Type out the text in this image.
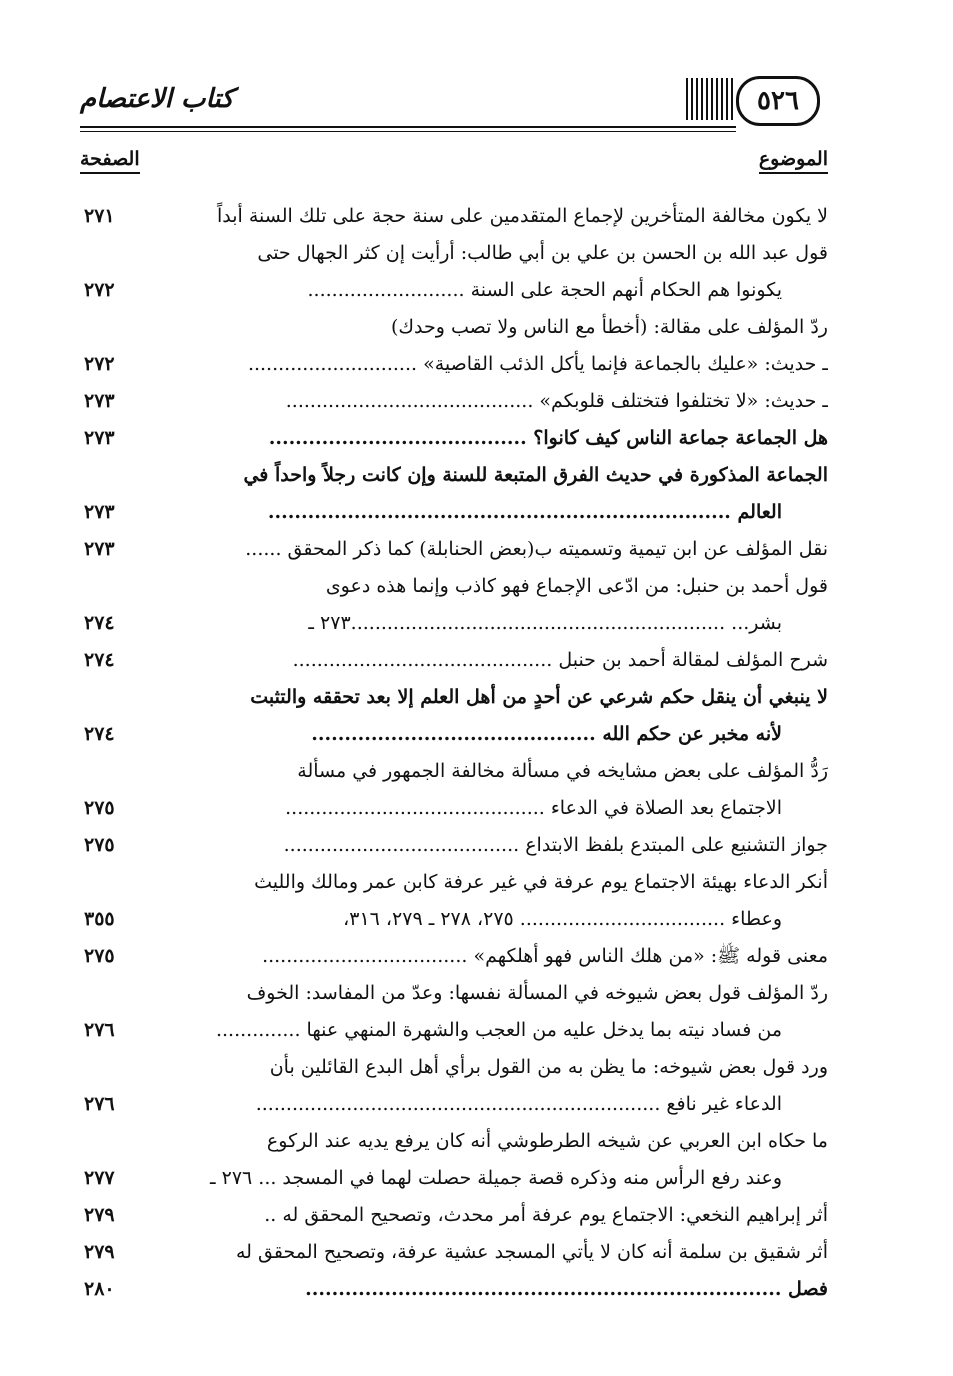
كتاب الاعتصام	٥٢٦
الصفحة	الموضوع
لا يكون مخالفة المتأخرين لإجماع المتقدمين على سنة حجة على تلك السنة أبداً
٢٧١
قول عبد الله بن الحسن بن علي بن أبي طالب: أرأيت إن كثر الجهال حتى
يكونوا هم الحكام أنهم الحجة على السنة ..........................
٢٧٢
ردّ المؤلف على مقالة: (أخطأ مع الناس ولا تصب وحدك)
ـ حديث: «عليك بالجماعة فإنما يأكل الذئب القاصية» ............................
٢٧٢
ـ حديث: «لا تختلفوا فتختلف قلوبكم» .........................................
٢٧٣
هل الجماعة جماعة الناس كيف كانوا؟ .......................................
٢٧٣
الجماعة المذكورة في حديث الفرق المتبعة للسنة وإن كانت رجلاً واحداً في
العالم ......................................................................
٢٧٣
نقل المؤلف عن ابن تيمية وتسميته ب(بعض الحنابلة) كما ذكر المحقق ......
٢٧٣
قول أحمد بن حنبل: من ادّعى الإجماع فهو كاذب وإنما هذه دعوى
بشر... ..............................................................٢٧٣ ـ
٢٧٤
شرح المؤلف لمقالة أحمد بن حنبل ...........................................
٢٧٤
لا ينبغي أن ينقل حكم شرعي عن أحدٍ من أهل العلم إلا بعد تحققه والتثبت
لأنه مخبر عن حكم الله ...........................................
٢٧٤
رَدُّ المؤلف على بعض مشايخه في مسألة مخالفة الجمهور في مسألة
الاجتماع بعد الصلاة في الدعاء ...........................................
٢٧٥
جواز التشنيع على المبتدع بلفظ الابتداع .......................................
٢٧٥
أنكر الدعاء بهيئة الاجتماع يوم عرفة في غير عرفة كابن عمر ومالك والليث
وعطاء .................................. ٢٧٥، ٢٧٨ ـ ٢٧٩، ٣١٦،
٣٥٥
معنى قوله ﷺ: «من هلك الناس فهو أهلكهم» ..................................
٢٧٥
ردّ المؤلف قول بعض شيوخه في المسألة نفسها: وعدّ من المفاسد: الخوف
من فساد نيته بما يدخل عليه من العجب والشهرة المنهي عنها ..............
٢٧٦
ورد قول بعض شيوخه: ما يظن به من القول برأي أهل البدع القائلين بأن
الدعاء غير نافع ...................................................................
٢٧٦
ما حكاه ابن العربي عن شيخه الطرطوشي أنه كان يرفع يديه عند الركوع
وعند رفع الرأس منه وذكره قصة جميلة حصلت لهما في المسجد ... ٢٧٦ ـ
٢٧٧
أثر إبراهيم النخعي: الاجتماع يوم عرفة أمر محدث، وتصحيح المحقق له ..
٢٧٩
أثر شقيق بن سلمة أنه كان لا يأتي المسجد عشية عرفة، وتصحيح المحقق له
٢٧٩
فصل ........................................................................
٢٨٠
